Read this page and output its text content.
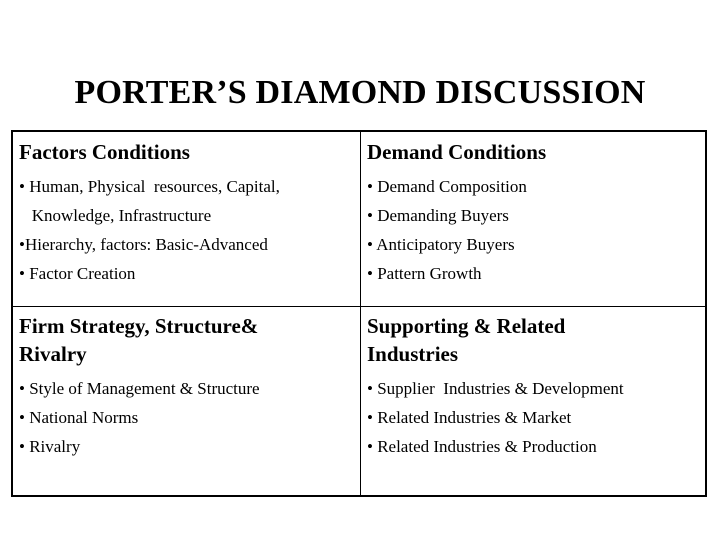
PORTER’S DIAMOND DISCUSSION
Factors Conditions
• Human, Physical  resources, Capital,
Knowledge, Infrastructure
•Hierarchy, factors: Basic-Advanced
• Factor Creation
Demand Conditions
• Demand Composition
• Demanding Buyers
• Anticipatory Buyers
• Pattern Growth
Firm Strategy, Structure&
Rivalry
• Style of Management & Structure
• National Norms
• Rivalry
Supporting & Related
Industries
• Supplier  Industries & Development
• Related Industries & Market
• Related Industries & Production
